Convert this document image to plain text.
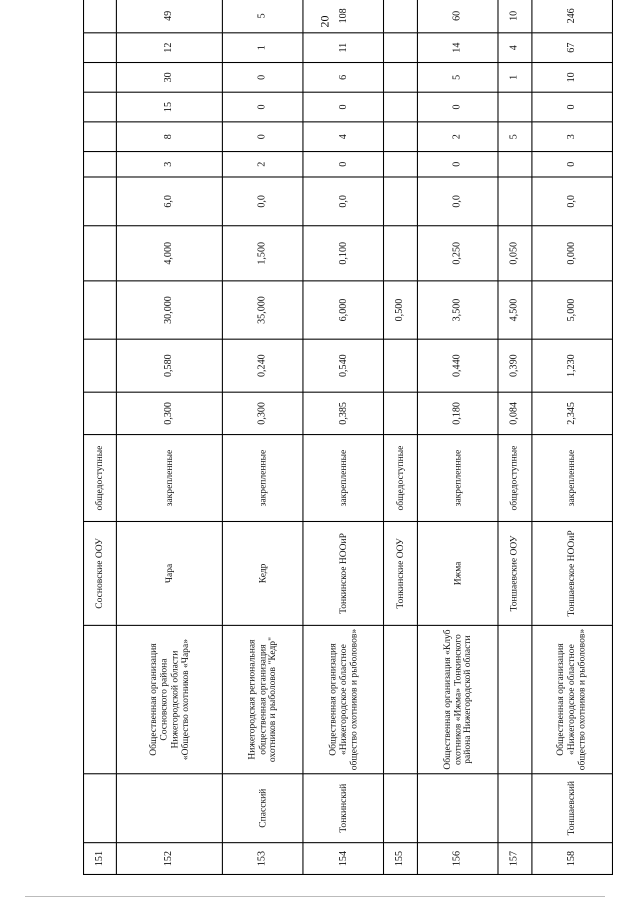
20
151			Сосновские ООУ	общедоступные												
152		Общественная организация Сосновского района Нижегородской области «Общество охотников «Чара»	Чара	закрепленные	0,300	0,580	30,000	4,000	6,0	3	8	15	30	12	49	
153	Спасский	Нижегородская региональная общественная организация охотников и рыболовов "Кедр"	Кедр	закрепленные	0,300	0,240	35,000	1,500	0,0	2	0	0	0	1	5	
154	Тонкинский	Общественная организация «Нижегородское областное общество охотников и рыболовов»	Тонкинское НООиР	закрепленные	0,385	0,540	6,000	0,100	0,0	0	4	0	6	11	108	
155			Тонкинские ООУ	общедоступные			0,500									
156		Общественная организация «Клуб охотников «Ижма» Тонкинского района Нижегородской области	Ижма	закрепленные	0,180	0,440	3,500	0,250	0,0	0	2	0	5	14	60	
157			Тоншаевские ООУ	общедоступные	0,084	0,390	4,500	0,050			5		1	4	10	
158	Тоншаевский	Общественная организация «Нижегородское областное общество охотников и рыболовов»	Тоншаевское НООиР	закрепленные	2,345	1,230	5,000	0,000	0,0	0	3	0	10	67	246	
